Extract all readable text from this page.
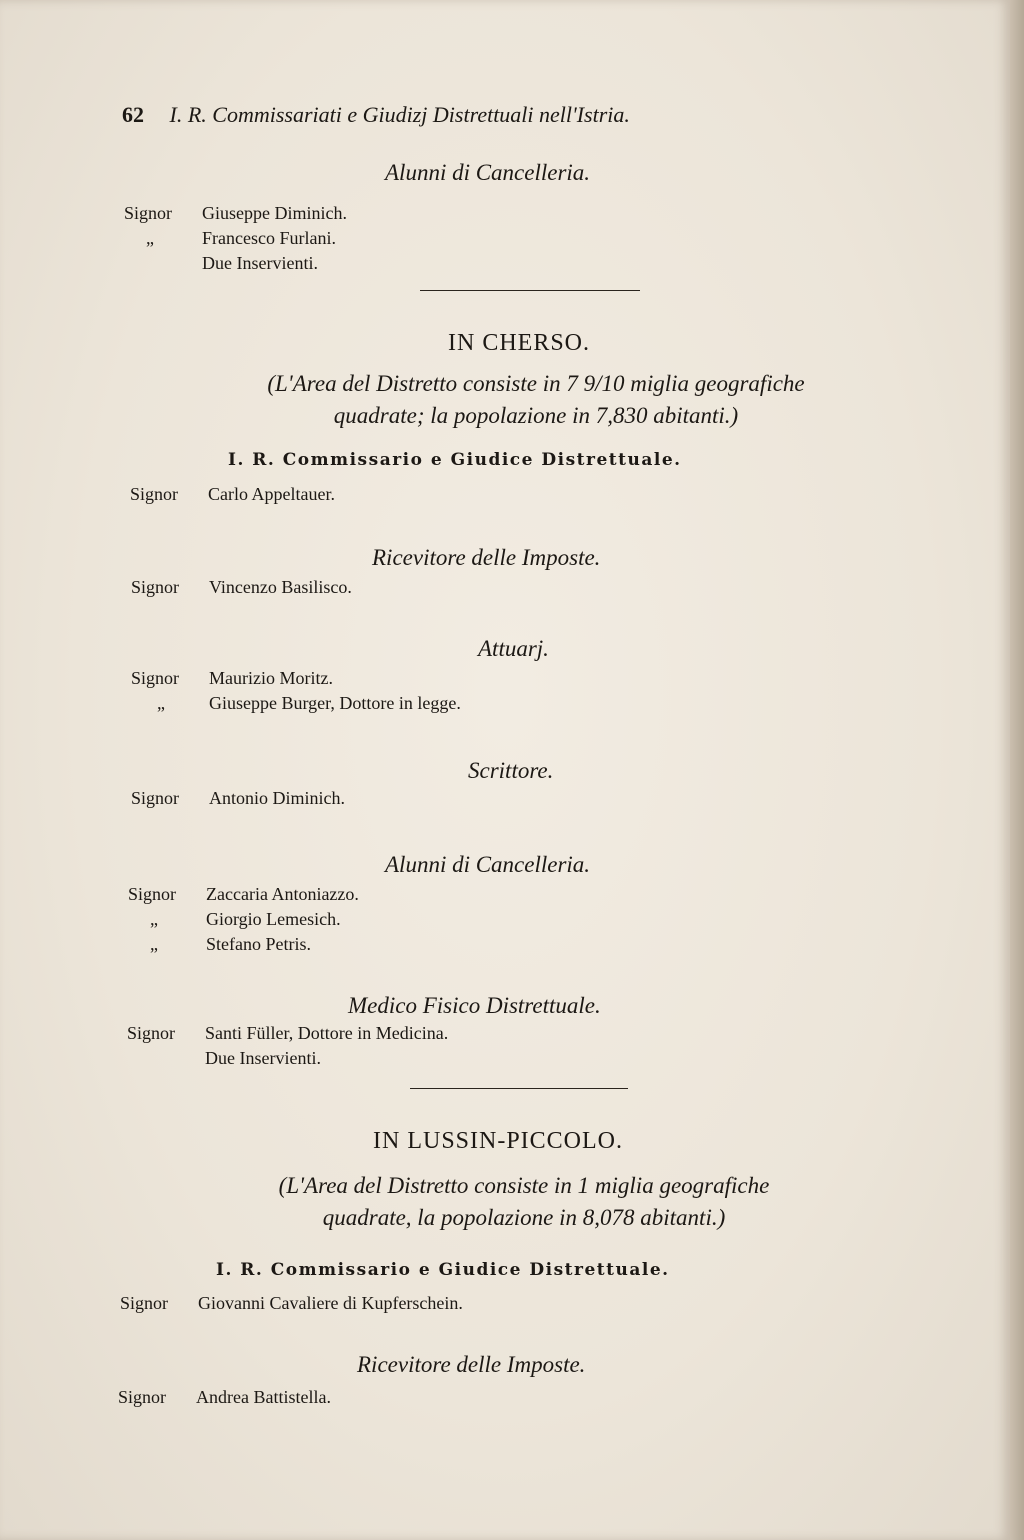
62 I. R. Commissariati e Giudizj Distrettuali nell'Istria.
Alunni di Cancelleria.
Signor Giuseppe Diminich.
„	Francesco Furlani.
Due Inservienti.
IN CHERSO.
(L'Area del Distretto consiste in 7 9/10 miglia geografiche
quadrate; la popolazione in 7,830 abitanti.)
I. R. Commissario e Giudice Distrettuale.
Signor Carlo Appeltauer.
Ricevitore delle Imposte.
Signor Vincenzo Basilisco.
Attuarj.
Signor Maurizio Moritz.
„ Giuseppe Burger, Dottore in legge.
Scrittore.
Signor Antonio Diminich.
Alunni di Cancelleria.
Signor Zaccaria Antoniazzo.
„	Giorgio Lemesich.
„	Stefano Petris.
Medico Fisico Distrettuale.
Signor Santi Füller, Dottore in Medicina.
Due Inservienti.
IN LUSSIN-PICCOLO.
(L'Area del Distretto consiste in 1 miglia geografiche
quadrate, la popolazione in 8,078 abitanti.)
I. R. Commissario e Giudice Distrettuale.
Signor Giovanni Cavaliere di Kupferschein.
Ricevitore delle Imposte.
Signor Andrea Battistella.
